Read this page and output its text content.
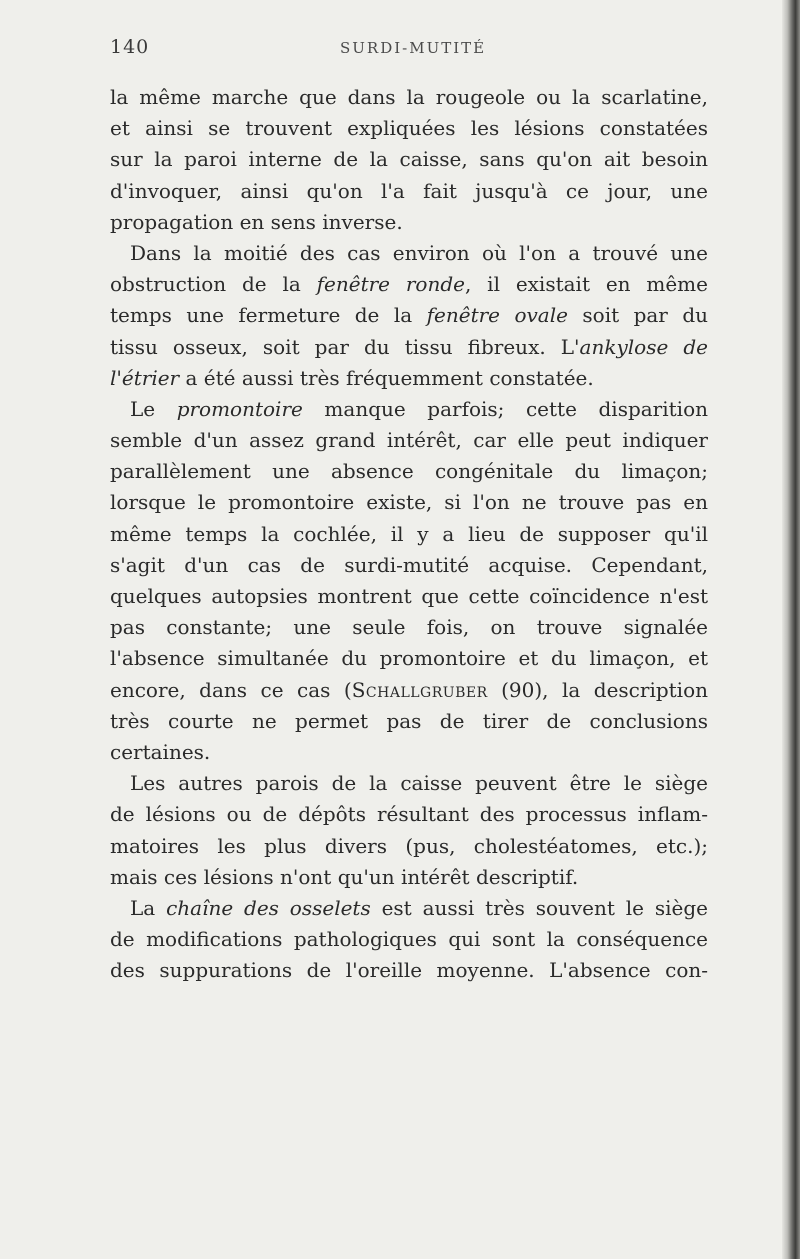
140	SURDI-MUTITÉ
la même marche que dans la rougeole ou la scarlatine,
et ainsi se trouvent expliquées les lésions constatées
sur la paroi interne de la caisse, sans qu'on ait besoin
d'invoquer, ainsi qu'on l'a fait jusqu'à ce jour, une
propagation en sens inverse.
Dans la moitié des cas environ où l'on a trouvé une
obstruction de la fenêtre ronde, il existait en même
temps une fermeture de la fenêtre ovale soit par du
tissu osseux, soit par du tissu fibreux. L'ankylose de
l'étrier a été aussi très fréquemment constatée.
Le promontoire manque parfois; cette disparition
semble d'un assez grand intérêt, car elle peut indiquer
parallèlement une absence congénitale du limaçon;
lorsque le promontoire existe, si l'on ne trouve pas en
même temps la cochlée, il y a lieu de supposer qu'il
s'agit d'un cas de surdi-mutité acquise. Cependant,
quelques autopsies montrent que cette coïncidence n'est
pas constante; une seule fois, on trouve signalée
l'absence simultanée du promontoire et du limaçon, et
encore, dans ce cas (Schallgruber (90), la description
très courte ne permet pas de tirer de conclusions
certaines.
Les autres parois de la caisse peuvent être le siège
de lésions ou de dépôts résultant des processus inflam-
matoires les plus divers (pus, cholestéatomes, etc.);
mais ces lésions n'ont qu'un intérêt descriptif.
La chaîne des osselets est aussi très souvent le siège
de modifications pathologiques qui sont la conséquence
des suppurations de l'oreille moyenne. L'absence con-
